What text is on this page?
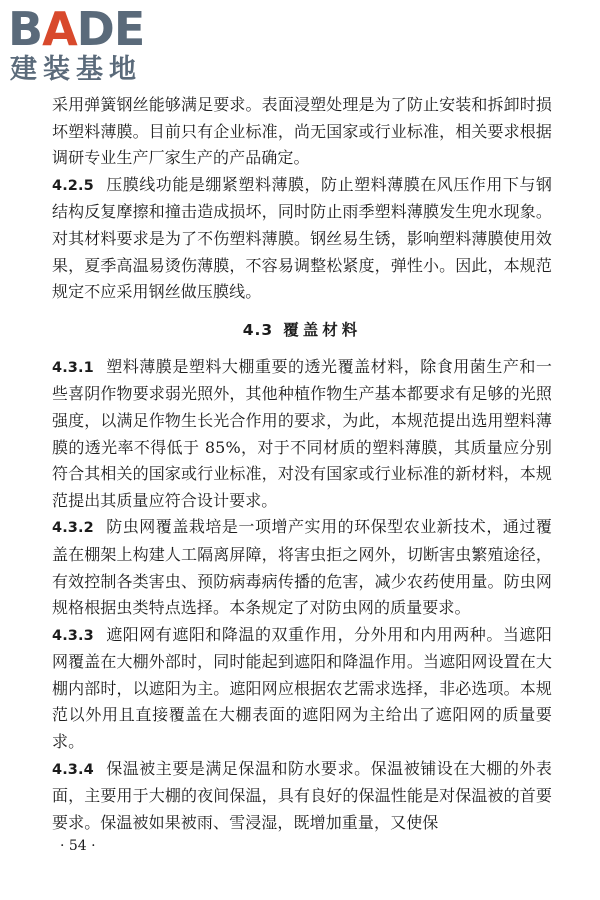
BADE
建装基地

采用弹簧钢丝能够满足要求。表面浸塑处理是为了防止安装和拆卸时损坏塑料薄膜。目前只有企业标准，尚无国家或行业标准，相关要求根据调研专业生产厂家生产的产品确定。

4.2.5 压膜线功能是绷紧塑料薄膜，防止塑料薄膜在风压作用下与钢结构反复摩擦和撞击造成损坏，同时防止雨季塑料薄膜发生兜水现象。对其材料要求是为了不伤塑料薄膜。钢丝易生锈，影响塑料薄膜使用效果，夏季高温易烫伤薄膜，不容易调整松紧度，弹性小。因此，本规范规定不应采用钢丝做压膜线。

4.3 覆盖材料

4.3.1 塑料薄膜是塑料大棚重要的透光覆盖材料，除食用菌生产和一些喜阴作物要求弱光照外，其他种植作物生产基本都要求有足够的光照强度，以满足作物生长光合作用的要求，为此，本规范提出选用塑料薄膜的透光率不得低于 85%，对于不同材质的塑料薄膜，其质量应分别符合其相关的国家或行业标准，对没有国家或行业标准的新材料，本规范提出其质量应符合设计要求。

4.3.2 防虫网覆盖栽培是一项增产实用的环保型农业新技术，通过覆盖在棚架上构建人工隔离屏障，将害虫拒之网外，切断害虫繁殖途径，有效控制各类害虫、预防病毒病传播的危害，减少农药使用量。防虫网规格根据虫类特点选择。本条规定了对防虫网的质量要求。

4.3.3 遮阳网有遮阳和降温的双重作用，分外用和内用两种。当遮阳网覆盖在大棚外部时，同时能起到遮阳和降温作用。当遮阳网设置在大棚内部时，以遮阳为主。遮阳网应根据农艺需求选择，非必选项。本规范以外用且直接覆盖在大棚表面的遮阳网为主给出了遮阳网的质量要求。

4.3.4 保温被主要是满足保温和防水要求。保温被铺设在大棚的外表面，主要用于大棚的夜间保温，具有良好的保温性能是对保温被的首要要求。保温被如果被雨、雪浸湿，既增加重量，又使保

· 54 ·
